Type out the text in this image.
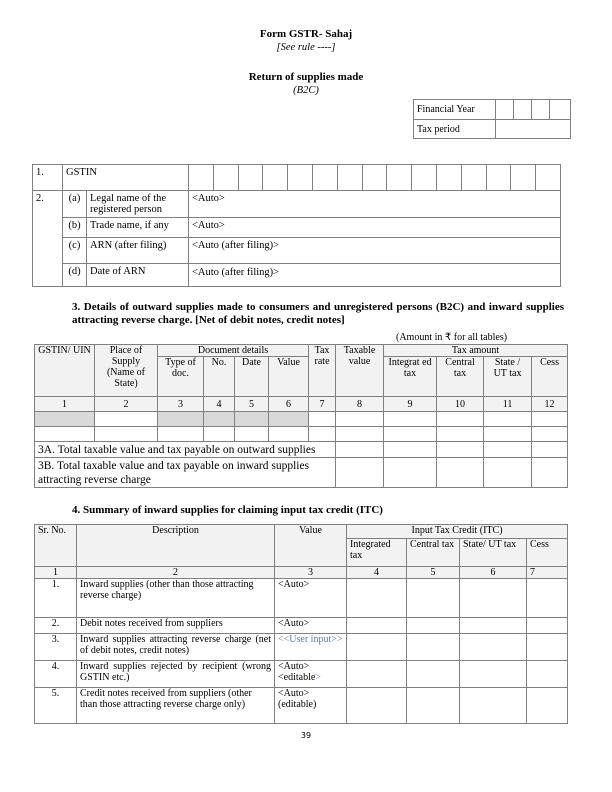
Form GSTR- Sahaj
[See rule ----]
Return of supplies made
(B2C)
Financial Year				
Tax period				
1.	GSTIN																
2.	(a)	Legal name of the registered person	<Auto>														
	(b)	Trade name, if any	<Auto>														
	(c)	ARN (after filing)	<Auto (after filing)>														
	(d)	Date of ARN	<Auto (after filing)>														
3. Details of outward supplies made to consumers and unregistered persons (B2C) and inward supplies attracting reverse charge. [Net of debit notes, credit notes]
(Amount in ₹ for all tables)
GSTIN/ UIN	Place of Supply (Name of State)	Document details				Tax rate	Taxable value	Tax amount			
		Type of doc.	No.	Date	Value			Integrat ed tax	Central tax	State / UT tax	Cess
1	2	3	4	5	6	7	8	9	10	11	12

3A. Total taxable value and tax payable on outward supplies											
3B. Total taxable value and tax payable on inward supplies attracting reverse charge											
4. Summary of inward supplies for claiming input tax credit (ITC)
Sr. No.	Description	Value	Input Tax Credit (ITC)			
			Integrated tax	Central tax	State/ UT tax	Cess
1	2	3	4	5	6	7
1.	Inward supplies (other than those attracting reverse charge)	<Auto>				
2.	Debit notes received from suppliers	<Auto>				
3.	Inward supplies attracting reverse charge (net of debit notes, credit notes)	<<User input>>				
4.	Inward supplies rejected by recipient (wrong GSTIN etc.)	<Auto>
<editable>				

5.	Credit notes received from suppliers (other than those attracting reverse charge only)	<Auto> (editable)				
39
